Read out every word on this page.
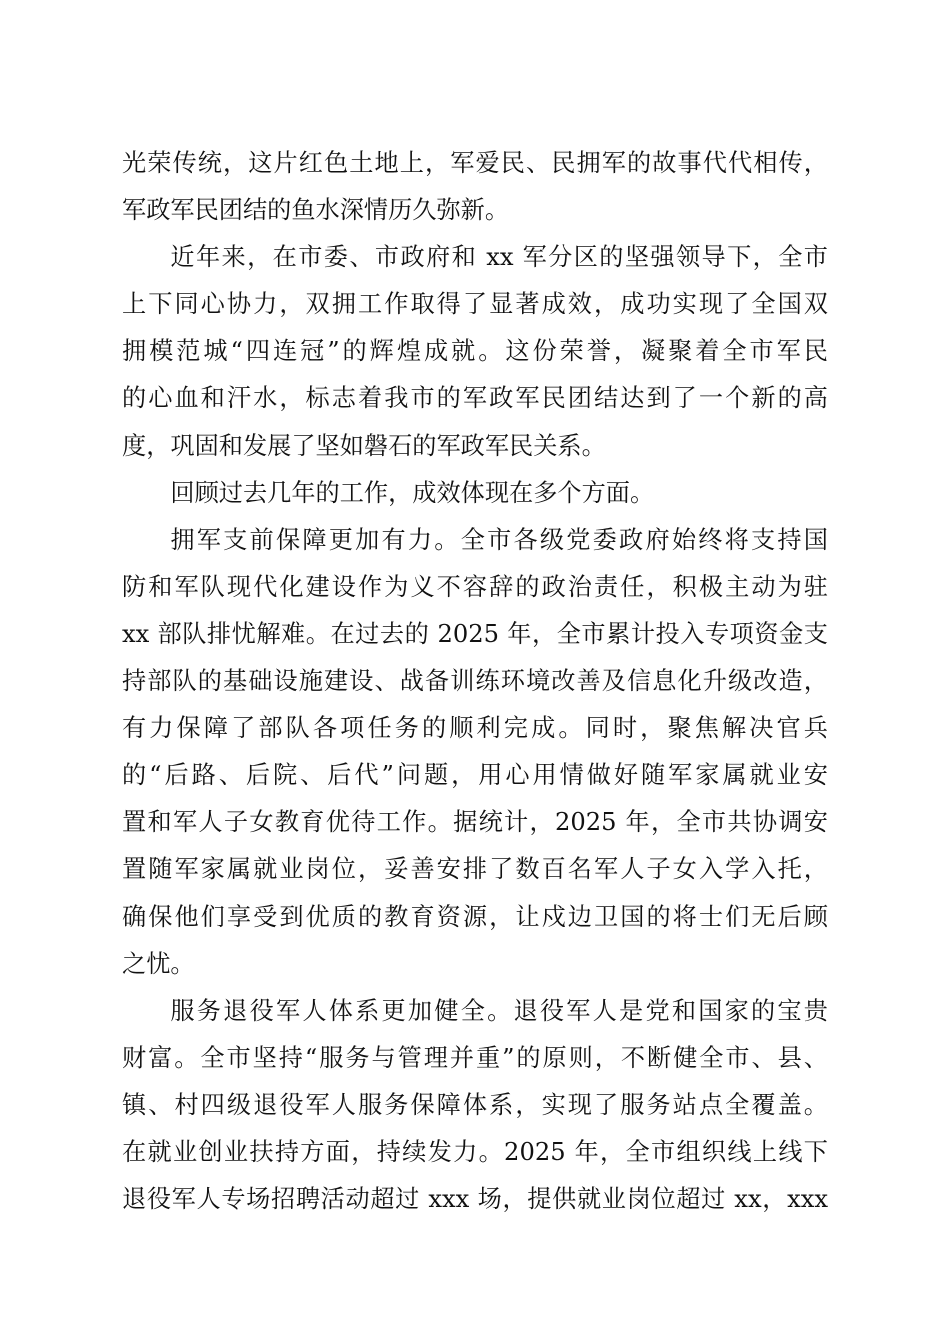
光荣传统，这片红色土地上，军爱民、民拥军的故事代代相传，
军政军民团结的鱼水深情历久弥新。

近年来，在市委、市政府和 xx 军分区的坚强领导下，全市
上下同心协力，双拥工作取得了显著成效，成功实现了全国双
拥模范城“四连冠”的辉煌成就。这份荣誉，凝聚着全市军民
的心血和汗水，标志着我市的军政军民团结达到了一个新的高
度，巩固和发展了坚如磐石的军政军民关系。

回顾过去几年的工作，成效体现在多个方面。

拥军支前保障更加有力。全市各级党委政府始终将支持国
防和军队现代化建设作为义不容辞的政治责任，积极主动为驻
xx 部队排忧解难。在过去的 2025 年，全市累计投入专项资金支
持部队的基础设施建设、战备训练环境改善及信息化升级改造，
有力保障了部队各项任务的顺利完成。同时，聚焦解决官兵
的“后路、后院、后代”问题，用心用情做好随军家属就业安
置和军人子女教育优待工作。据统计，2025 年，全市共协调安
置随军家属就业岗位，妥善安排了数百名军人子女入学入托，
确保他们享受到优质的教育资源，让戍边卫国的将士们无后顾
之忧。

服务退役军人体系更加健全。退役军人是党和国家的宝贵
财富。全市坚持“服务与管理并重”的原则，不断健全市、县、
镇、村四级退役军人服务保障体系，实现了服务站点全覆盖。
在就业创业扶持方面，持续发力。2025 年，全市组织线上线下
退役军人专场招聘活动超过 xxx 场，提供就业岗位超过 xx，xxx
